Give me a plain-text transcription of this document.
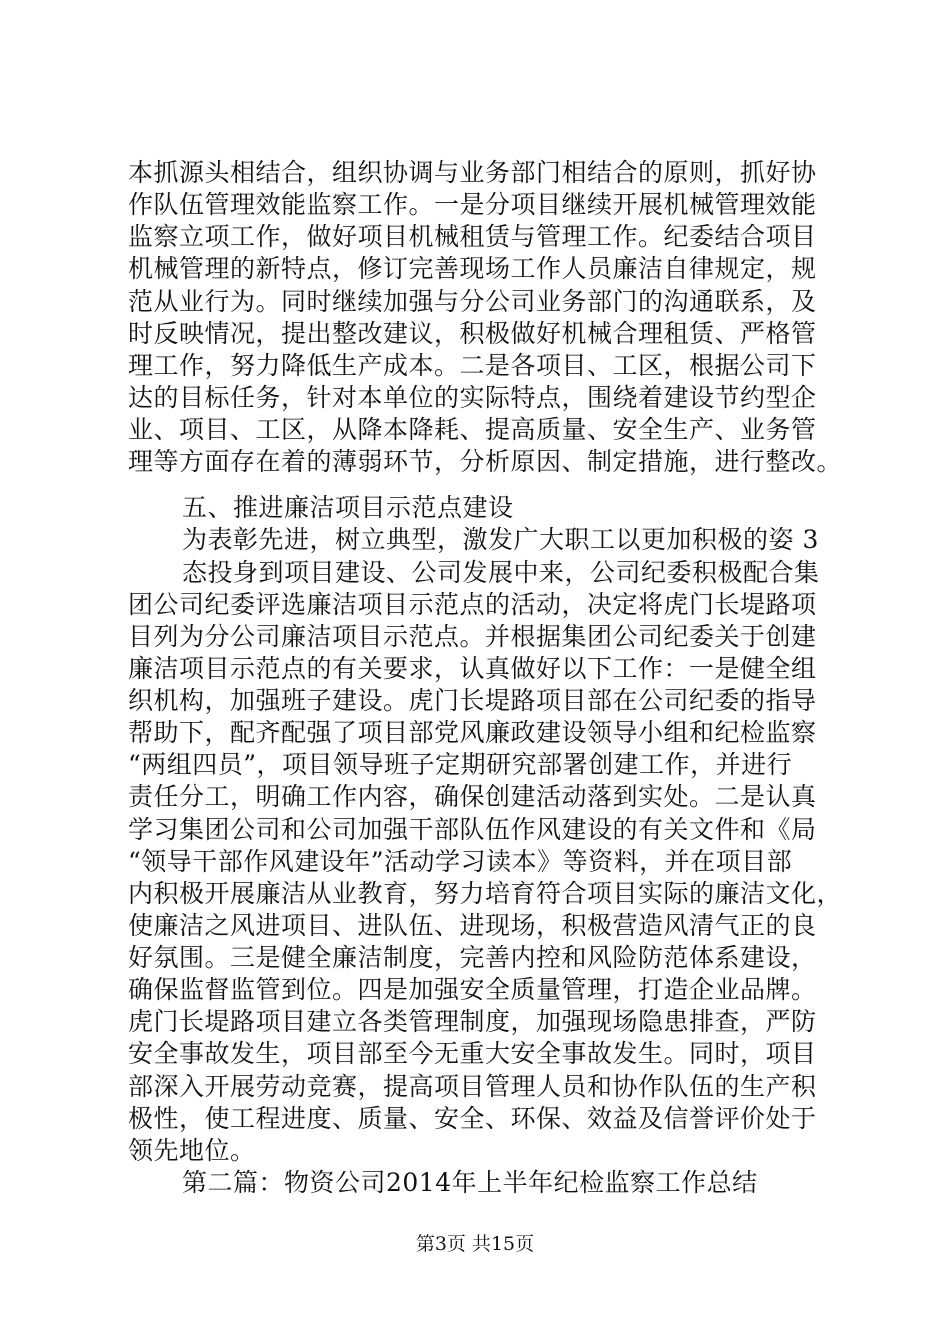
本抓源头相结合，组织协调与业务部门相结合的原则，抓好协
作队伍管理效能监察工作。一是分项目继续开展机械管理效能
监察立项工作，做好项目机械租赁与管理工作。纪委结合项目
机械管理的新特点，修订完善现场工作人员廉洁自律规定，规
范从业行为。同时继续加强与分公司业务部门的沟通联系，及
时反映情况，提出整改建议，积极做好机械合理租赁、严格管
理工作，努力降低生产成本。二是各项目、工区，根据公司下
达的目标任务，针对本单位的实际特点，围绕着建设节约型企
业、项目、工区，从降本降耗、提高质量、安全生产、业务管
理等方面存在着的薄弱环节，分析原因、制定措施，进行整改。
五、推进廉洁项目示范点建设
为表彰先进，树立典型，激发广大职工以更加积极的姿 3
态投身到项目建设、公司发展中来，公司纪委积极配合集
团公司纪委评选廉洁项目示范点的活动，决定将虎门长堤路项
目列为分公司廉洁项目示范点。并根据集团公司纪委关于创建
廉洁项目示范点的有关要求，认真做好以下工作：一是健全组
织机构，加强班子建设。虎门长堤路项目部在公司纪委的指导
帮助下，配齐配强了项目部党风廉政建设领导小组和纪检监察
“两组四员”，项目领导班子定期研究部署创建工作，并进行
责任分工，明确工作内容，确保创建活动落到实处。二是认真
学习集团公司和公司加强干部队伍作风建设的有关文件和《局
“领导干部作风建设年”活动学习读本》等资料，并在项目部
内积极开展廉洁从业教育，努力培育符合项目实际的廉洁文化，
使廉洁之风进项目、进队伍、进现场，积极营造风清气正的良
好氛围。三是健全廉洁制度，完善内控和风险防范体系建设，
确保监督监管到位。四是加强安全质量管理，打造企业品牌。
虎门长堤路项目建立各类管理制度，加强现场隐患排查，严防
安全事故发生，项目部至今无重大安全事故发生。同时，项目
部深入开展劳动竞赛，提高项目管理人员和协作队伍的生产积
极性，使工程进度、质量、安全、环保、效益及信誉评价处于
领先地位。
第二篇：物资公司2014年上半年纪检监察工作总结
第3页 共15页
